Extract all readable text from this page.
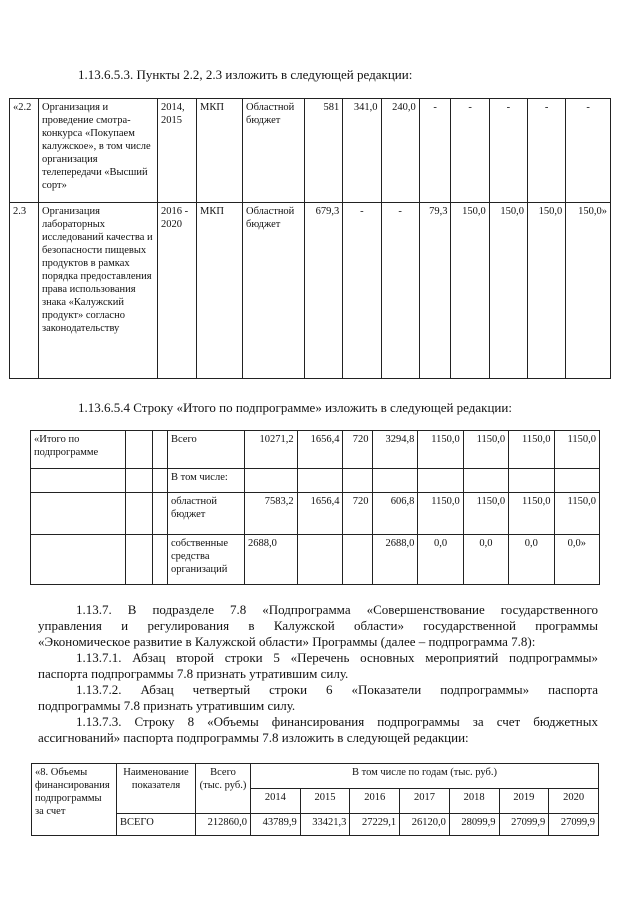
1.13.6.5.3. Пункты 2.2, 2.3 изложить в следующей редакции:
«2.2	Организация и проведение смотра-конкурса «Покупаем калужское», в том числе организация телепередачи «Высший сорт»	2014, 2015	МКП	Областной бюджет	581	341,0	240,0	-	-	-	-	-
2.3	Организация лабораторных исследований качества и безопасности пищевых продуктов в рамках порядка предоставления права использования знака «Калужский продукт» согласно законодательству	2016 - 2020	МКП	Областной бюджет	679,3	-	-	79,3	150,0	150,0	150,0	150,0»
1.13.6.5.4 Строку «Итого по подпрограмме» изложить в следующей редакции:
«Итого по подпрограмме			Всего	10271,2	1656,4	720	3294,8	1150,0	1150,0	1150,0	1150,0
			В том числе:								
			областной бюджет	7583,2	1656,4	720	606,8	1150,0	1150,0	1150,0	1150,0
			собственные средства организаций	2688,0			2688,0	0,0	0,0	0,0	0,0»
1.13.7. В подразделе 7.8 «Подпрограмма «Совершенствование государственного
управления и регулирования в Калужской области» государственной программы
«Экономическое развитие в Калужской области» Программы (далее – подпрограмма 7.8):
1.13.7.1. Абзац второй строки 5 «Перечень основных мероприятий подпрограммы»
паспорта подпрограммы 7.8 признать утратившим силу.
1.13.7.2. Абзац четвертый строки 6 «Показатели подпрограммы» паспорта
подпрограммы 7.8 признать утратившим силу.
1.13.7.3. Строку 8 «Объемы финансирования подпрограммы за счет бюджетных
ассигнований» паспорта подпрограммы 7.8 изложить в следующей редакции:
«8. Объемы финансирования подпрограммы за счет	Наименование показателя	Всего (тыс. руб.)	В том числе по годам (тыс. руб.)						
			2014	2015	2016	2017	2018	2019	2020
	ВСЕГО	212860,0	43789,9	33421,3	27229,1	26120,0	28099,9	27099,9	27099,9
